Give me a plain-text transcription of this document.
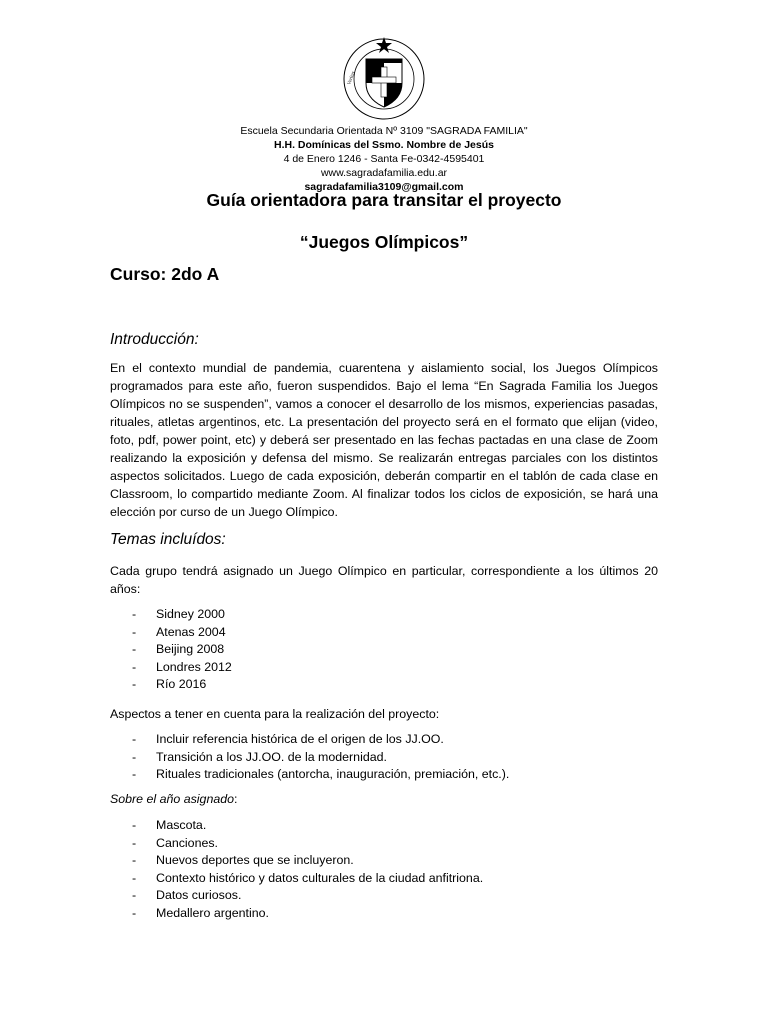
Veritas
Escuela Secundaria Orientada Nº 3109 "SAGRADA FAMILIA"
H.H. Domínicas del Ssmo. Nombre de Jesús
4 de Enero 1246 - Santa Fe-0342-4595401
www.sagradafamilia.edu.ar
sagradafamilia3109@gmail.com
Guía orientadora para transitar el proyecto
“Juegos Olímpicos”
Curso: 2do A
Introducción:
En el contexto mundial de pandemia, cuarentena y aislamiento social, los Juegos Olímpicos programados para este año, fueron suspendidos. Bajo el lema “En Sagrada Familia los Juegos Olímpicos no se suspenden”, vamos a conocer el desarrollo de los mismos, experiencias pasadas, rituales, atletas argentinos, etc. La presentación del proyecto será en el formato que elijan (video, foto, pdf, power point, etc) y deberá ser presentado en las fechas pactadas en una clase de Zoom realizando la exposición y defensa del mismo. Se realizarán entregas parciales con los distintos aspectos solicitados. Luego de cada exposición, deberán compartir en el tablón de cada clase en Classroom, lo compartido mediante Zoom. Al finalizar todos los ciclos de exposición, se hará una elección por curso de un Juego Olímpico.
Temas incluídos:
Cada grupo tendrá asignado un Juego Olímpico en particular, correspondiente a los últimos 20 años:
- Sidney 2000
- Atenas 2004
- Beijing 2008
- Londres 2012
- Río 2016
Aspectos a tener en cuenta para la realización del proyecto:
- Incluir referencia histórica de el origen de los JJ.OO.
- Transición a los JJ.OO. de la modernidad.
- Rituales tradicionales (antorcha, inauguración, premiación, etc.).
Sobre el año asignado:
- Mascota.
- Canciones.
- Nuevos deportes que se incluyeron.
- Contexto histórico y datos culturales de la ciudad anfitriona.
- Datos curiosos.
- Medallero argentino.
